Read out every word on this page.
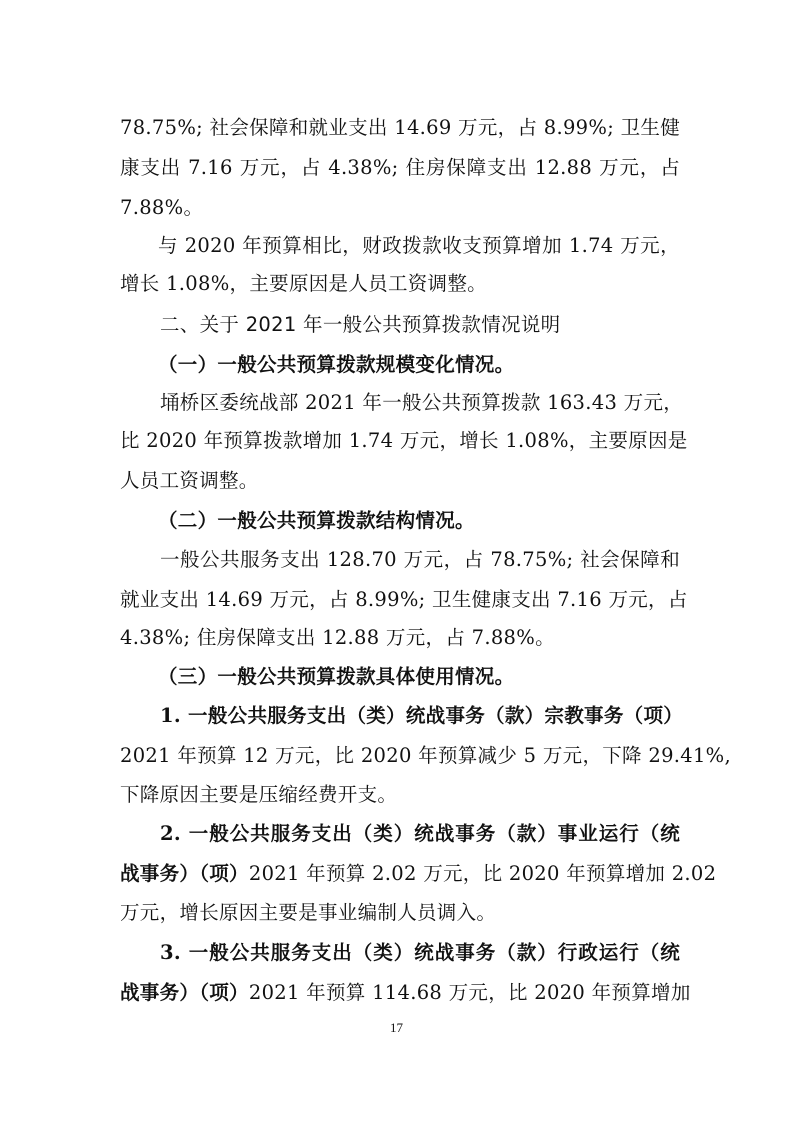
78.75%; 社会保障和就业支出 14.69 万元，占 8.99%; 卫生健
康支出 7.16 万元，占 4.38%; 住房保障支出 12.88 万元，占
7.88%。
与 2020 年预算相比，财政拨款收支预算增加 1.74 万元，
增长 1.08%，主要原因是人员工资调整。
二、关于 2021 年一般公共预算拨款情况说明
（一）一般公共预算拨款规模变化情况。
埇桥区委统战部 2021 年一般公共预算拨款 163.43 万元，
比 2020 年预算拨款增加 1.74 万元，增长 1.08%，主要原因是
人员工资调整。
（二）一般公共预算拨款结构情况。
一般公共服务支出 128.70 万元，占 78.75%; 社会保障和
就业支出 14.69 万元，占 8.99%; 卫生健康支出 7.16 万元，占
4.38%; 住房保障支出 12.88 万元，占 7.88%。
（三）一般公共预算拨款具体使用情况。
1. 一般公共服务支出（类）统战事务（款）宗教事务（项）
2021 年预算 12 万元，比 2020 年预算减少 5 万元，下降 29.41%,
下降原因主要是压缩经费开支。
2. 一般公共服务支出（类）统战事务（款）事业运行（统
战事务）（项）2021 年预算 2.02 万元，比 2020 年预算增加 2.02
万元，增长原因主要是事业编制人员调入。
3. 一般公共服务支出（类）统战事务（款）行政运行（统
战事务）（项）2021 年预算 114.68 万元，比 2020 年预算增加
17
